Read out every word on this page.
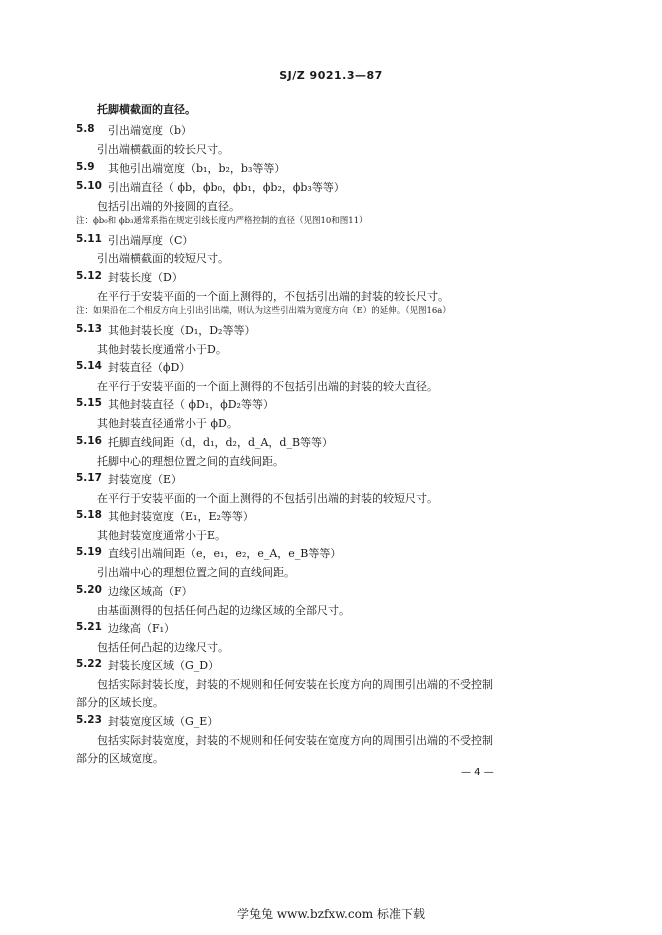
SJ/Z 9021.3—87
托脚横截面的直径。
5.8 引出端宽度（b）
引出端横截面的较长尺寸。
5.9 其他引出端宽度（b₁，b₂，b₃等等）
5.10 引出端直径（ ϕb，ϕb₀，ϕb₁，ϕb₂，ϕb₃等等）
包括引出端的外接圆的直径。
注：ϕb₀和 ϕb₃通常系指在规定引线长度内严格控制的直径（见图10和图11）
5.11 引出端厚度（C）
引出端横截面的较短尺寸。
5.12 封装长度（D）
在平行于安装平面的一个面上测得的，不包括引出端的封装的较长尺寸。
注：如果沿在二个相反方向上引出引出端，则认为这些引出端为宽度方向（E）的延伸。（见图16a）
5.13 其他封装长度（D₁，D₂等等）
其他封装长度通常小于D。
5.14 封装直径（ϕD）
在平行于安装平面的一个面上测得的不包括引出端的封装的较大直径。
5.15 其他封装直径（ ϕD₁，ϕD₂等等）
其他封装直径通常小于 ϕD。
5.16 托脚直线间距（d，d₁，d₂，d_A，d_B等等）
托脚中心的理想位置之间的直线间距。
5.17 封装宽度（E）
在平行于安装平面的一个面上测得的不包括引出端的封装的较短尺寸。
5.18 其他封装宽度（E₁，E₂等等）
其他封装宽度通常小于E。
5.19 直线引出端间距（e，e₁，e₂，e_A，e_B等等）
引出端中心的理想位置之间的直线间距。
5.20 边缘区域高（F）
由基面测得的包括任何凸起的边缘区域的全部尺寸。
5.21 边缘高（F₁）
包括任何凸起的边缘尺寸。
5.22 封装长度区域（G_D）
包括实际封装长度，封装的不规则和任何安装在长度方向的周围引出端的不受控制
部分的区域长度。
5.23 封装宽度区域（G_E）
包括实际封装宽度，封装的不规则和任何安装在宽度方向的周围引出端的不受控制
部分的区域宽度。
— 4 —
学兔兔 www.bzfxw.com 标准下载
